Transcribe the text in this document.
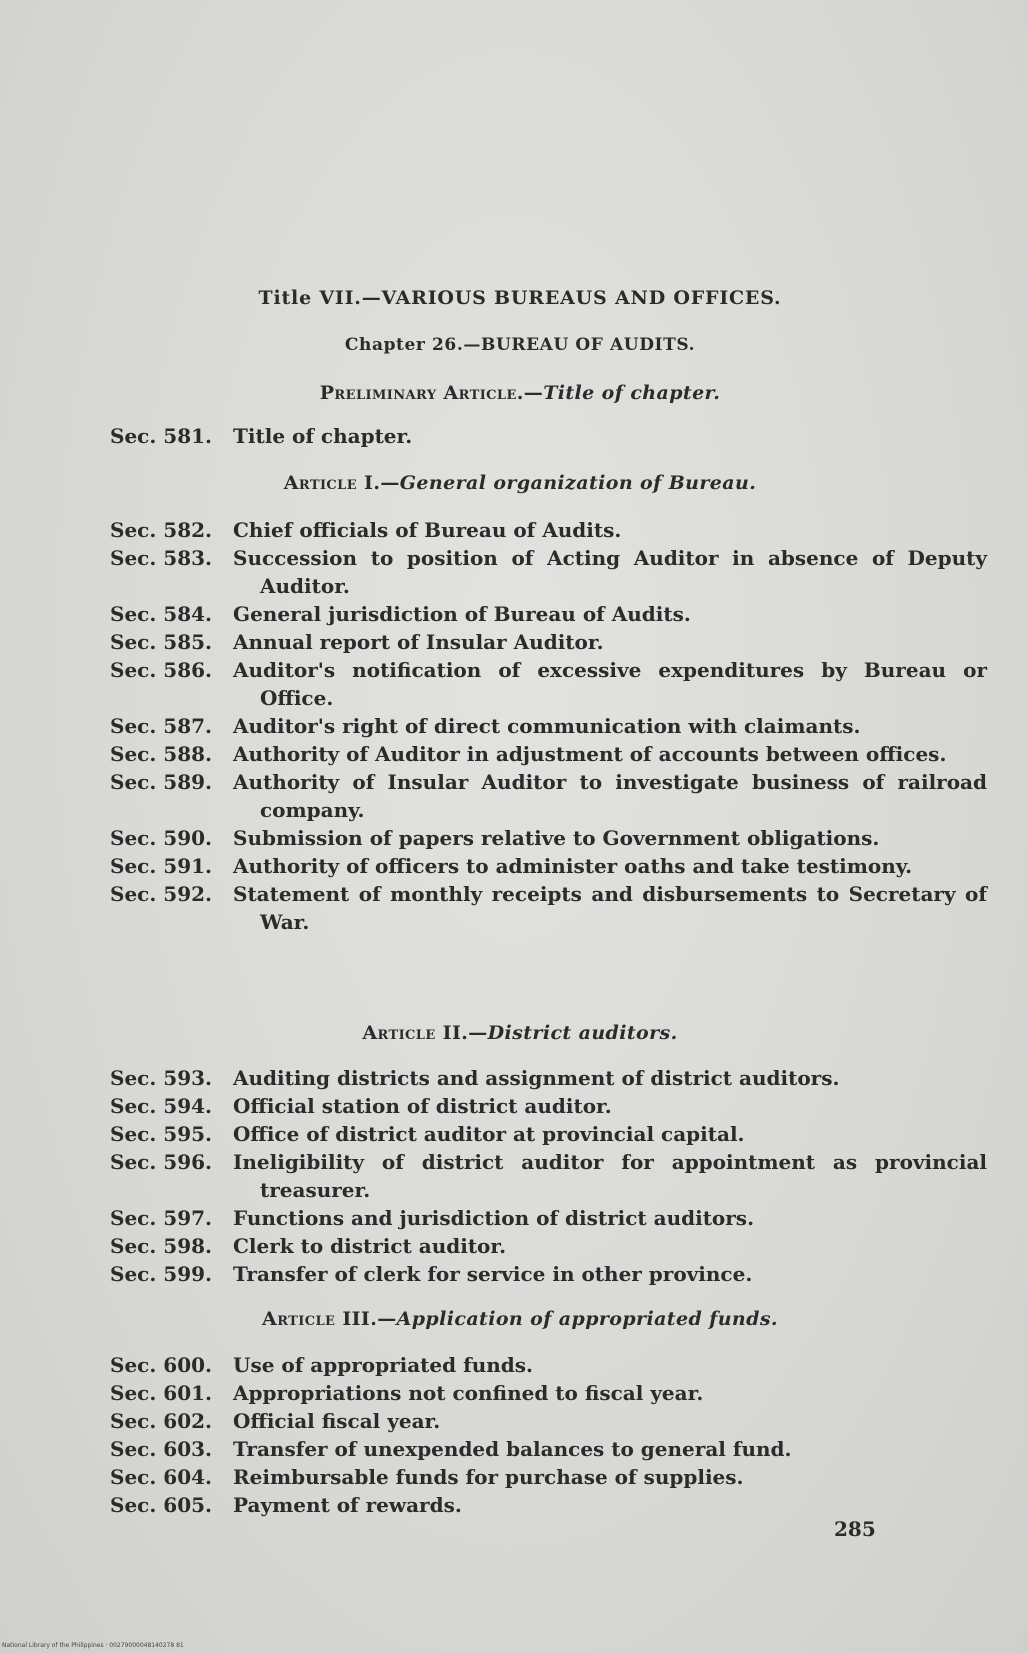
Title VII.—VARIOUS BUREAUS AND OFFICES.
Chapter 26.—BUREAU OF AUDITS.
Preliminary Article.—Title of chapter.
Sec. 581.	Title of chapter.
Article I.—General organization of Bureau.
Sec. 582.	Chief officials of Bureau of Audits.
Sec. 583.	Succession to position of Acting Auditor in absence of Deputy Auditor.
Sec. 584.	General jurisdiction of Bureau of Audits.
Sec. 585.	Annual report of Insular Auditor.
Sec. 586.	Auditor's notification of excessive expenditures by Bureau or Office.
Sec. 587.	Auditor's right of direct communication with claimants.
Sec. 588.	Authority of Auditor in adjustment of accounts between offices.
Sec. 589.	Authority of Insular Auditor to investigate business of railroad company.
Sec. 590.	Submission of papers relative to Government obligations.
Sec. 591.	Authority of officers to administer oaths and take testimony.
Sec. 592.	Statement of monthly receipts and disbursements to Secretary of War.
Article II.—District auditors.
Sec. 593.	Auditing districts and assignment of district auditors.
Sec. 594.	Official station of district auditor.
Sec. 595.	Office of district auditor at provincial capital.
Sec. 596.	Ineligibility of district auditor for appointment as provincial treasurer.
Sec. 597.	Functions and jurisdiction of district auditors.
Sec. 598.	Clerk to district auditor.
Sec. 599.	Transfer of clerk for service in other province.
Article III.—Application of appropriated funds.
Sec. 600.	Use of appropriated funds.
Sec. 601.	Appropriations not confined to fiscal year.
Sec. 602.	Official fiscal year.
Sec. 603.	Transfer of unexpended balances to general fund.
Sec. 604.	Reimbursable funds for purchase of supplies.
Sec. 605.	Payment of rewards.
285
National Library of the Philippines · 00279000048140278 81
